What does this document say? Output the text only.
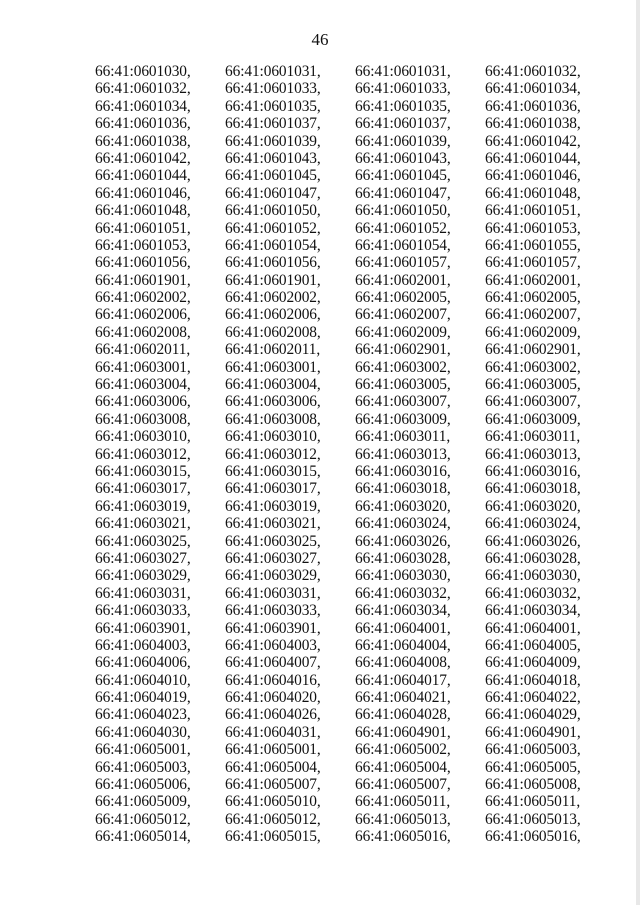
46
66:41:0601030,	66:41:0601031,	66:41:0601031,	66:41:0601032,
66:41:0601032,	66:41:0601033,	66:41:0601033,	66:41:0601034,
66:41:0601034,	66:41:0601035,	66:41:0601035,	66:41:0601036,
66:41:0601036,	66:41:0601037,	66:41:0601037,	66:41:0601038,
66:41:0601038,	66:41:0601039,	66:41:0601039,	66:41:0601042,
66:41:0601042,	66:41:0601043,	66:41:0601043,	66:41:0601044,
66:41:0601044,	66:41:0601045,	66:41:0601045,	66:41:0601046,
66:41:0601046,	66:41:0601047,	66:41:0601047,	66:41:0601048,
66:41:0601048,	66:41:0601050,	66:41:0601050,	66:41:0601051,
66:41:0601051,	66:41:0601052,	66:41:0601052,	66:41:0601053,
66:41:0601053,	66:41:0601054,	66:41:0601054,	66:41:0601055,
66:41:0601056,	66:41:0601056,	66:41:0601057,	66:41:0601057,
66:41:0601901,	66:41:0601901,	66:41:0602001,	66:41:0602001,
66:41:0602002,	66:41:0602002,	66:41:0602005,	66:41:0602005,
66:41:0602006,	66:41:0602006,	66:41:0602007,	66:41:0602007,
66:41:0602008,	66:41:0602008,	66:41:0602009,	66:41:0602009,
66:41:0602011,	66:41:0602011,	66:41:0602901,	66:41:0602901,
66:41:0603001,	66:41:0603001,	66:41:0603002,	66:41:0603002,
66:41:0603004,	66:41:0603004,	66:41:0603005,	66:41:0603005,
66:41:0603006,	66:41:0603006,	66:41:0603007,	66:41:0603007,
66:41:0603008,	66:41:0603008,	66:41:0603009,	66:41:0603009,
66:41:0603010,	66:41:0603010,	66:41:0603011,	66:41:0603011,
66:41:0603012,	66:41:0603012,	66:41:0603013,	66:41:0603013,
66:41:0603015,	66:41:0603015,	66:41:0603016,	66:41:0603016,
66:41:0603017,	66:41:0603017,	66:41:0603018,	66:41:0603018,
66:41:0603019,	66:41:0603019,	66:41:0603020,	66:41:0603020,
66:41:0603021,	66:41:0603021,	66:41:0603024,	66:41:0603024,
66:41:0603025,	66:41:0603025,	66:41:0603026,	66:41:0603026,
66:41:0603027,	66:41:0603027,	66:41:0603028,	66:41:0603028,
66:41:0603029,	66:41:0603029,	66:41:0603030,	66:41:0603030,
66:41:0603031,	66:41:0603031,	66:41:0603032,	66:41:0603032,
66:41:0603033,	66:41:0603033,	66:41:0603034,	66:41:0603034,
66:41:0603901,	66:41:0603901,	66:41:0604001,	66:41:0604001,
66:41:0604003,	66:41:0604003,	66:41:0604004,	66:41:0604005,
66:41:0604006,	66:41:0604007,	66:41:0604008,	66:41:0604009,
66:41:0604010,	66:41:0604016,	66:41:0604017,	66:41:0604018,
66:41:0604019,	66:41:0604020,	66:41:0604021,	66:41:0604022,
66:41:0604023,	66:41:0604026,	66:41:0604028,	66:41:0604029,
66:41:0604030,	66:41:0604031,	66:41:0604901,	66:41:0604901,
66:41:0605001,	66:41:0605001,	66:41:0605002,	66:41:0605003,
66:41:0605003,	66:41:0605004,	66:41:0605004,	66:41:0605005,
66:41:0605006,	66:41:0605007,	66:41:0605007,	66:41:0605008,
66:41:0605009,	66:41:0605010,	66:41:0605011,	66:41:0605011,
66:41:0605012,	66:41:0605012,	66:41:0605013,	66:41:0605013,
66:41:0605014,	66:41:0605015,	66:41:0605016,	66:41:0605016,
